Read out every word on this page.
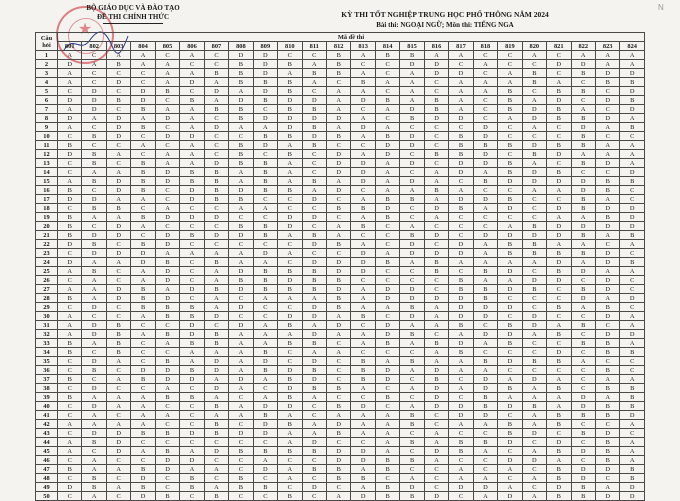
★
BỘ GIÁO DỤC VÀ ĐÀO TẠO
ĐỀ THI CHÍNH THỨC	KỲ THI TỐT NGHIỆP TRUNG HỌC PHỔ THÔNG NĂM 2024
Bài thi: NGOẠI NGỮ; Môn thi: TIẾNG NGA
N
Câu hỏi	Mã đề thi																							
	801	802	803	804	805	806	807	808	809	810	811	812	813	814	815	816	817	818	819	820	821	822	823	824
1	A	C	A	A	C	A	C	D	D	C	C	B	A	B	B	A	A	C	C	A	C	A	A	A
2	D	A	B	A	A	C	C	B	D	B	A	B	C	C	D	D	C	A	C	C	D	D	A	A
3	A	C	C	C	A	A	B	B	D	A	B	B	A	C	A	D	D	C	A	B	C	B	D	D
4	A	C	D	C	A	D	A	B	B	B	A	C	B	A	A	C	A	A	A	B	A	C	B	B
5	C	D	C	D	B	C	D	A	D	B	C	A	A	C	A	C	A	A	B	C	B	B	C	D
6	D	D	B	D	C	B	A	D	B	D	D	A	D	B	A	B	A	C	B	A	D	C	D	B
7	A	D	C	B	A	A	B	B	C	B	B	A	C	A	D	B	A	C	B	D	B	A	C	D
8	D	A	D	A	D	A	C	B	D	D	D	D	A	C	B	D	D	C	A	D	B	B	D	A
9	A	C	D	B	C	A	D	A	A	D	B	A	D	A	C	C	C	D	C	A	C	D	A	B
10	C	B	D	C	D	D	C	C	B	B	D	B	A	B	D	C	B	D	C	C	C	B	C	C
11	B	C	C	A	C	A	C	B	D	A	B	C	C	D	D	C	B	B	B	D	B	B	A	A
12	D	B	A	C	A	A	C	B	C	B	C	D	A	D	C	B	B	D	C	B	D	A	A	A
13	C	B	C	B	A	A	D	B	B	A	C	D	D	A	D	C	D	D	B	A	C	B	D	A
14	C	A	A	B	D	B	B	A	B	A	C	D	D	A	C	A	D	A	B	D	B	C	C	D
15	A	B	D	B	D	B	B	A	B	A	B	A	D	A	D	A	C	B	D	D	D	D	B	B
16	B	C	D	B	C	D	B	D	B	B	A	D	C	A	A	B	A	C	C	A	A	D	B	C
17	D	D	A	A	C	D	B	B	C	C	D	C	A	B	B	A	D	D	B	C	C	B	A	C
18	C	B	B	C	A	C	C	A	A	C	C	B	B	D	C	D	B	A	D	C	D	B	D	D
19	B	A	A	B	D	D	D	C	C	D	D	C	A	B	C	A	C	C	C	C	A	A	B	D
20	B	C	D	A	C	C	C	B	B	D	C	A	B	C	A	C	C	C	A	B	D	D	D	D
21	B	D	D	C	D	B	D	D	B	A	B	A	C	C	B	D	C	D	D	D	D	B	A	B
22	D	B	C	B	D	C	C	C	C	C	D	B	A	C	D	C	D	A	B	B	A	A	C	A
23	C	D	D	D	A	A	A	A	D	A	C	C	D	A	D	D	D	A	B	B	B	B	D	C
24	D	A	A	D	B	C	B	A	A	C	D	D	D	B	A	B	A	A	A	A	D	A	D	B
25	A	B	C	A	D	C	A	D	B	B	B	D	D	C	C	B	C	B	D	C	B	D	A	A
26	C	A	C	A	D	C	A	B	B	D	B	B	C	C	C	C	B	A	A	D	D	C	D	C
27	A	A	D	B	A	D	B	D	B	B	B	D	A	D	D	C	B	B	D	B	C	B	D	C
28	B	A	D	B	D	C	A	C	A	A	A	B	A	D	D	D	D	B	C	C	C	D	A	D
29	C	D	C	B	B	B	A	D	C	C	D	B	A	A	B	A	D	D	D	C	B	A	B	C
30	A	C	C	A	B	B	D	C	C	D	D	A	B	C	D	A	D	D	C	D	C	C	D	A
31	A	D	B	C	C	D	C	D	A	B	A	D	C	D	A	A	B	C	B	D	A	B	C	A
32	A	D	B	A	B	D	B	A	A	A	D	A	A	D	B	C	A	D	D	A	B	C	D	D
33	B	A	B	C	A	B	B	A	A	B	B	C	A	B	A	B	D	A	B	C	C	B	B	A
34	B	C	B	C	C	A	A	A	B	C	A	A	C	C	C	A	B	C	C	C	D	C	B	B
35	C	D	A	C	B	A	D	A	D	C	D	C	B	A	B	A	A	B	D	B	B	A	C	C
36	C	B	C	D	D	B	D	A	B	D	B	C	B	D	A	D	A	A	C	C	C	C	B	C
37	B	C	A	B	D	D	A	D	A	B	D	C	B	D	C	B	C	D	A	D	A	C	A	A
38	C	D	C	C	A	C	D	A	C	D	B	B	A	C	A	D	A	D	B	A	B	C	B	B
39	B	A	A	A	B	B	A	C	A	B	A	C	C	B	C	D	C	B	A	A	A	D	A	B
40	C	D	A	A	C	C	B	A	D	D	C	B	D	C	A	D	D	B	D	B	A	D	B	B
41	C	A	C	A	A	C	A	A	B	A	C	A	A	A	B	C	D	D	C	A	B	B	B	D
42	A	A	A	A	C	C	B	C	D	B	A	D	A	A	B	C	A	A	B	A	B	C	C	A
43	C	D	D	B	B	D	B	D	D	A	A	B	A	A	C	A	C	C	B	D	C	B	D	C
44	A	B	D	C	C	C	C	C	C	A	D	C	C	A	B	A	B	B	D	C	D	C	B	A
45	A	C	D	A	B	A	D	B	B	B	B	D	D	A	C	D	B	A	C	A	B	D	B	A
46	C	A	C	C	D	D	C	C	A	C	C	D	D	B	B	A	C	C	D	D	A	C	B	A
47	B	A	A	B	D	A	A	C	D	A	B	B	A	B	C	C	A	C	A	C	B	D	D	B
48	C	B	C	D	C	B	C	B	C	A	C	B	B	C	A	C	A	A	C	A	B	D	C	B
49	D	B	A	B	C	B	A	B	B	C	D	C	A	B	D	C	D	D	A	C	D	B	A	D
50	C	A	C	D	B	C	B	C	C	B	C	A	D	B	B	D	C	A	D	A	B	B	D	D
